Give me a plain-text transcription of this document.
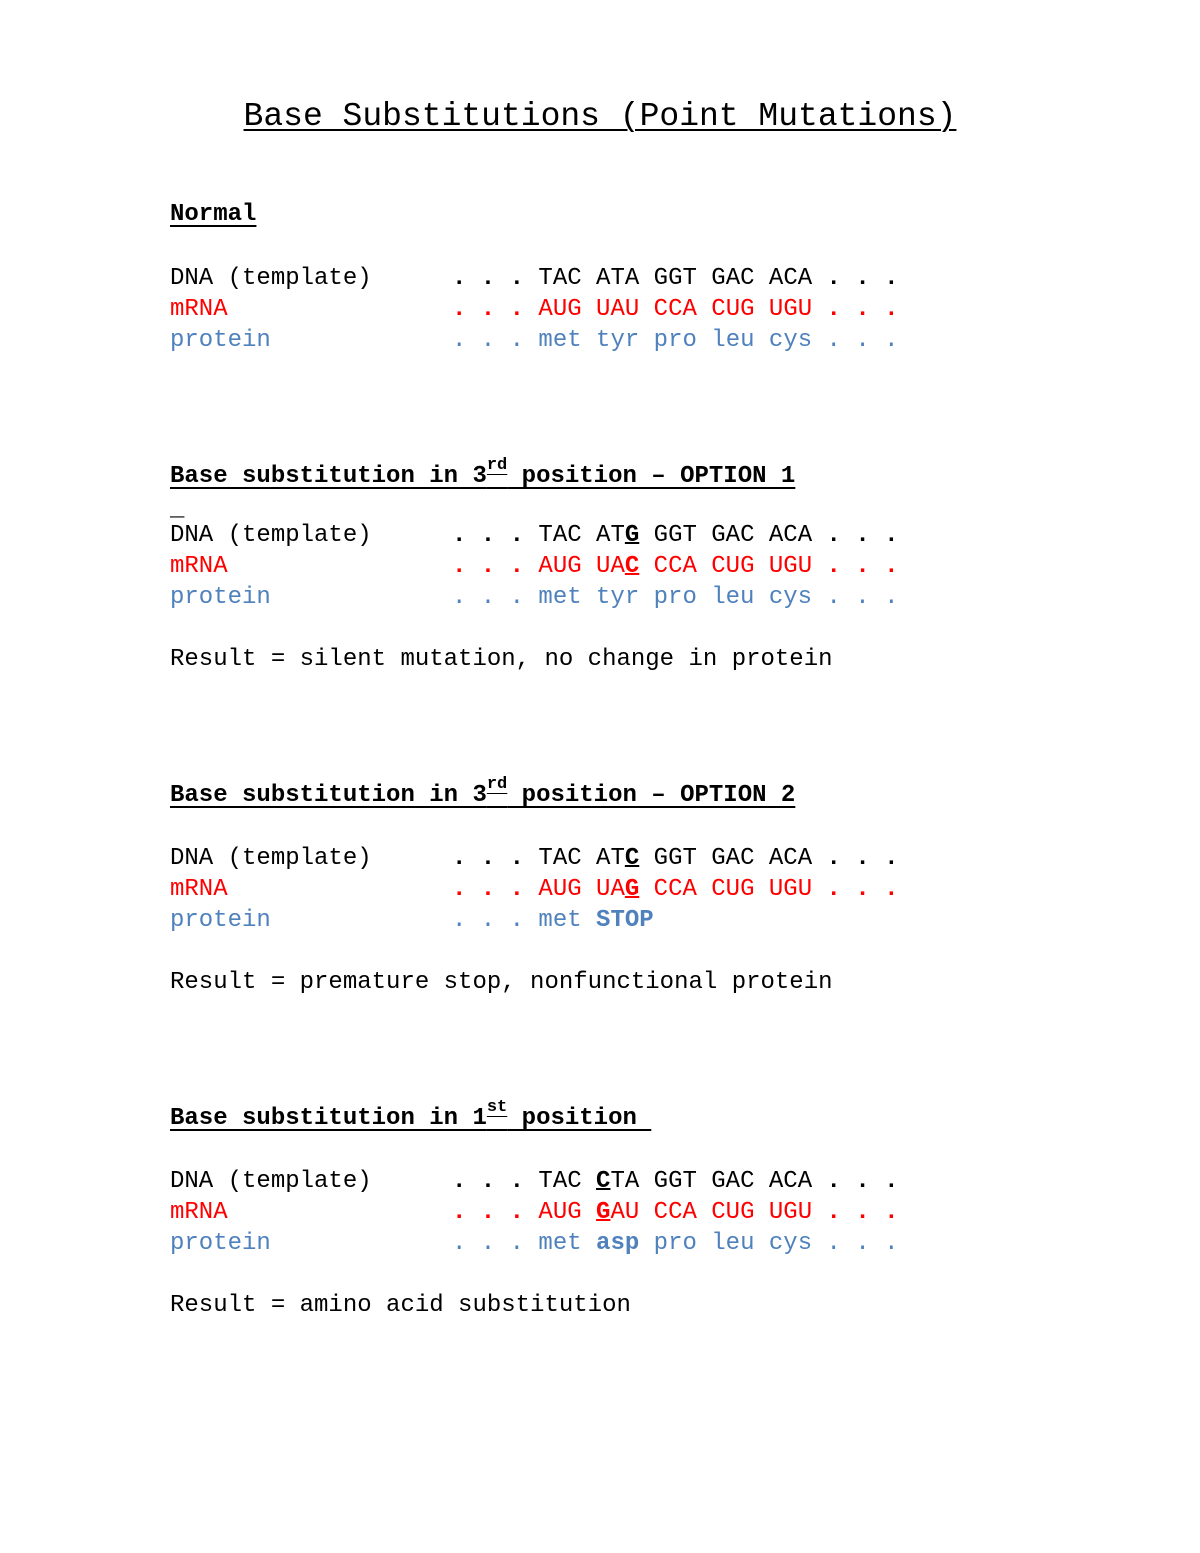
Base Substitutions (Point Mutations)
Normal

DNA (template)

	. . . TAC ATA GGT GAC ACA . . .

mRNA

	. . . AUG UAU CCA CUG UGU . . .

protein

	. . . met tyr pro leu cys . . .

Base substitution in 3rd position – OPTION 1
_

DNA (template)

	. . . TAC ATG GGT GAC ACA . . .

mRNA

	. . . AUG UAC CCA CUG UGU . . .

protein

	. . . met tyr pro leu cys . . .

Result = silent mutation, no change in protein
Base substitution in 3rd position – OPTION 2

DNA (template)

	. . . TAC ATC GGT GAC ACA . . .

mRNA

	. . . AUG UAG CCA CUG UGU . . .

protein

	. . . met STOP

Result = premature stop, nonfunctional protein
Base substitution in 1st position

DNA (template)

	. . . TAC CTA GGT GAC ACA . . .

mRNA

	. . . AUG GAU CCA CUG UGU . . .

protein

	. . . met asp pro leu cys . . .

Result = amino acid substitution
